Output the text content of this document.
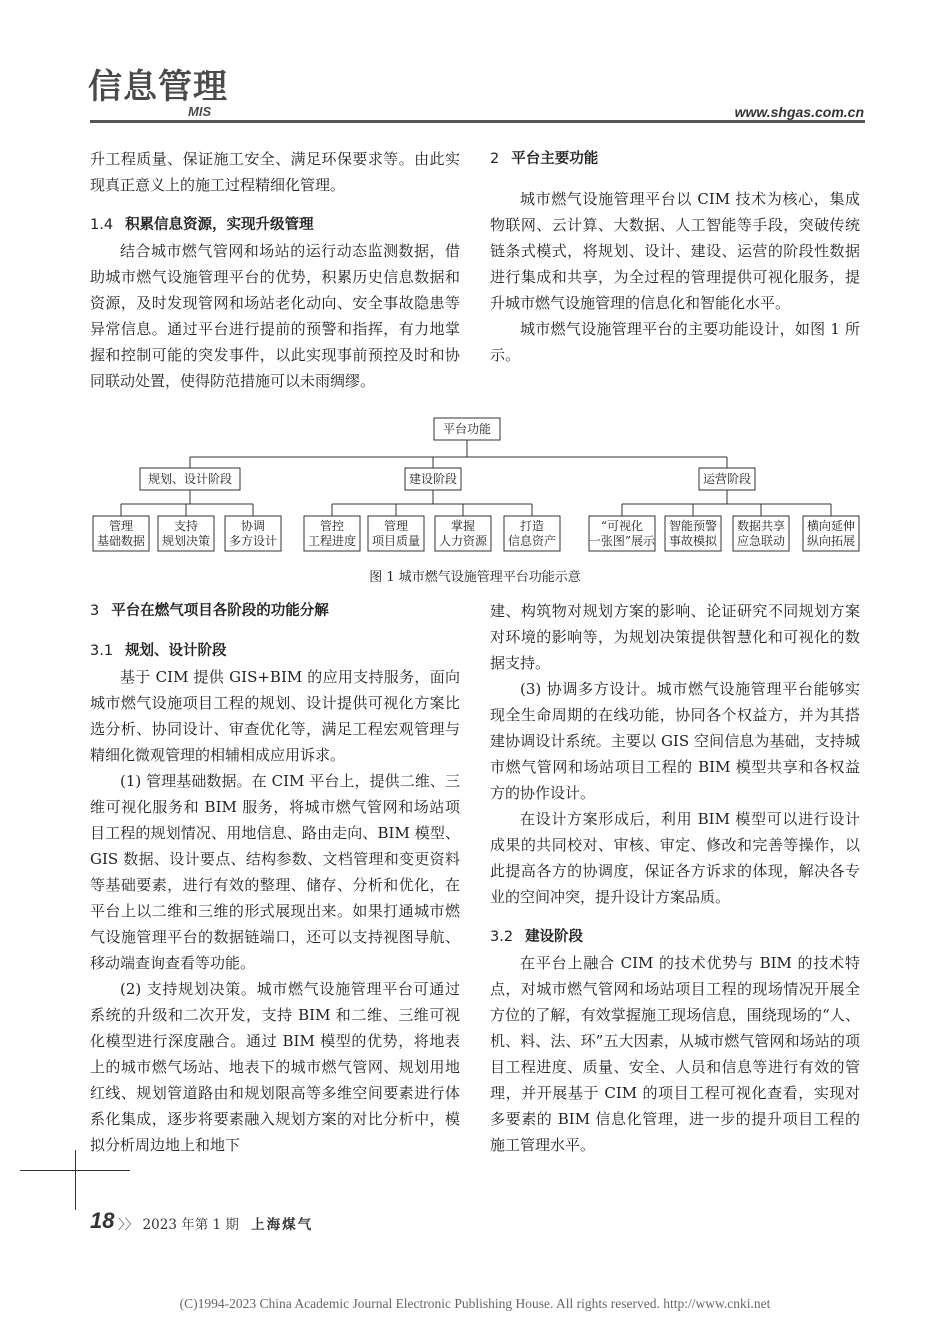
信息管理
MIS	www.shgas.com.cn

升工程质量、保证施工安全、满足环保要求等。由此实现真正意义上的施工过程精细化管理。

1.4 积累信息资源，实现升级管理

结合城市燃气管网和场站的运行动态监测数据，借助城市燃气设施管理平台的优势，积累历史信息数据和资源，及时发现管网和场站老化动向、安全事故隐患等异常信息。通过平台进行提前的预警和指挥，有力地掌握和控制可能的突发事件，以此实现事前预控及时和协同联动处置，使得防范措施可以未雨绸缪。

2 平台主要功能

城市燃气设施管理平台以 CIM 技术为核心，集成物联网、云计算、大数据、人工智能等手段，突破传统链条式模式，将规划、设计、建设、运营的阶段性数据进行集成和共享，为全过程的管理提供可视化服务，提升城市燃气设施管理的信息化和智能化水平。

城市燃气设施管理平台的主要功能设计，如图 1 所示。

平台功能
规划、设计阶段
管理
基础数据
支持
规划决策
协调
多方设计
建设阶段
管控
工程进度
管理
项目质量
掌握
人力资源
打造
信息资产
运营阶段
“可视化
一张图”展示
智能预警
事故模拟
数据共享
应急联动
横向延伸
纵向拓展
图 1 城市燃气设施管理平台功能示意

3 平台在燃气项目各阶段的功能分解

3.1 规划、设计阶段

基于 CIM 提供 GIS+BIM 的应用支持服务，面向城市燃气设施项目工程的规划、设计提供可视化方案比选分析、协同设计、审查优化等，满足工程宏观管理与精细化微观管理的相辅相成应用诉求。

(1) 管理基础数据。在 CIM 平台上，提供二维、三维可视化服务和 BIM 服务，将城市燃气管网和场站项目工程的规划情况、用地信息、路由走向、BIM 模型、GIS 数据、设计要点、结构参数、文档管理和变更资料等基础要素，进行有效的整理、储存、分析和优化，在平台上以二维和三维的形式展现出来。如果打通城市燃气设施管理平台的数据链端口，还可以支持视图导航、移动端查询查看等功能。

(2) 支持规划决策。城市燃气设施管理平台可通过系统的升级和二次开发，支持 BIM 和二维、三维可视化模型进行深度融合。通过 BIM 模型的优势，将地表上的城市燃气场站、地表下的城市燃气管网、规划用地红线、规划管道路由和规划限高等多维空间要素进行体系化集成，逐步将要素融入规划方案的对比分析中，模拟分析周边地上和地下

建、构筑物对规划方案的影响、论证研究不同规划方案对环境的影响等，为规划决策提供智慧化和可视化的数据支持。

(3) 协调多方设计。城市燃气设施管理平台能够实现全生命周期的在线功能，协同各个权益方，并为其搭建协调设计系统。主要以 GIS 空间信息为基础，支持城市燃气管网和场站项目工程的 BIM 模型共享和各权益方的协作设计。

在设计方案形成后，利用 BIM 模型可以进行设计成果的共同校对、审核、审定、修改和完善等操作，以此提高各方的协调度，保证各方诉求的体现，解决各专业的空间冲突，提升设计方案品质。

3.2 建设阶段

在平台上融合 CIM 的技术优势与 BIM 的技术特点，对城市燃气管网和场站项目工程的现场情况开展全方位的了解，有效掌握施工现场信息，围绕现场的“人、机、料、法、环”五大因素，从城市燃气管网和场站的项目工程进度、质量、安全、人员和信息等进行有效的管理，并开展基于 CIM 的项目工程可视化查看，实现对多要素的 BIM 信息化管理，进一步的提升项目工程的施工管理水平。

18 〉〉 2023 年第 1 期 上海煤气
(C)1994-2023 China Academic Journal Electronic Publishing House. All rights reserved. http://www.cnki.net
